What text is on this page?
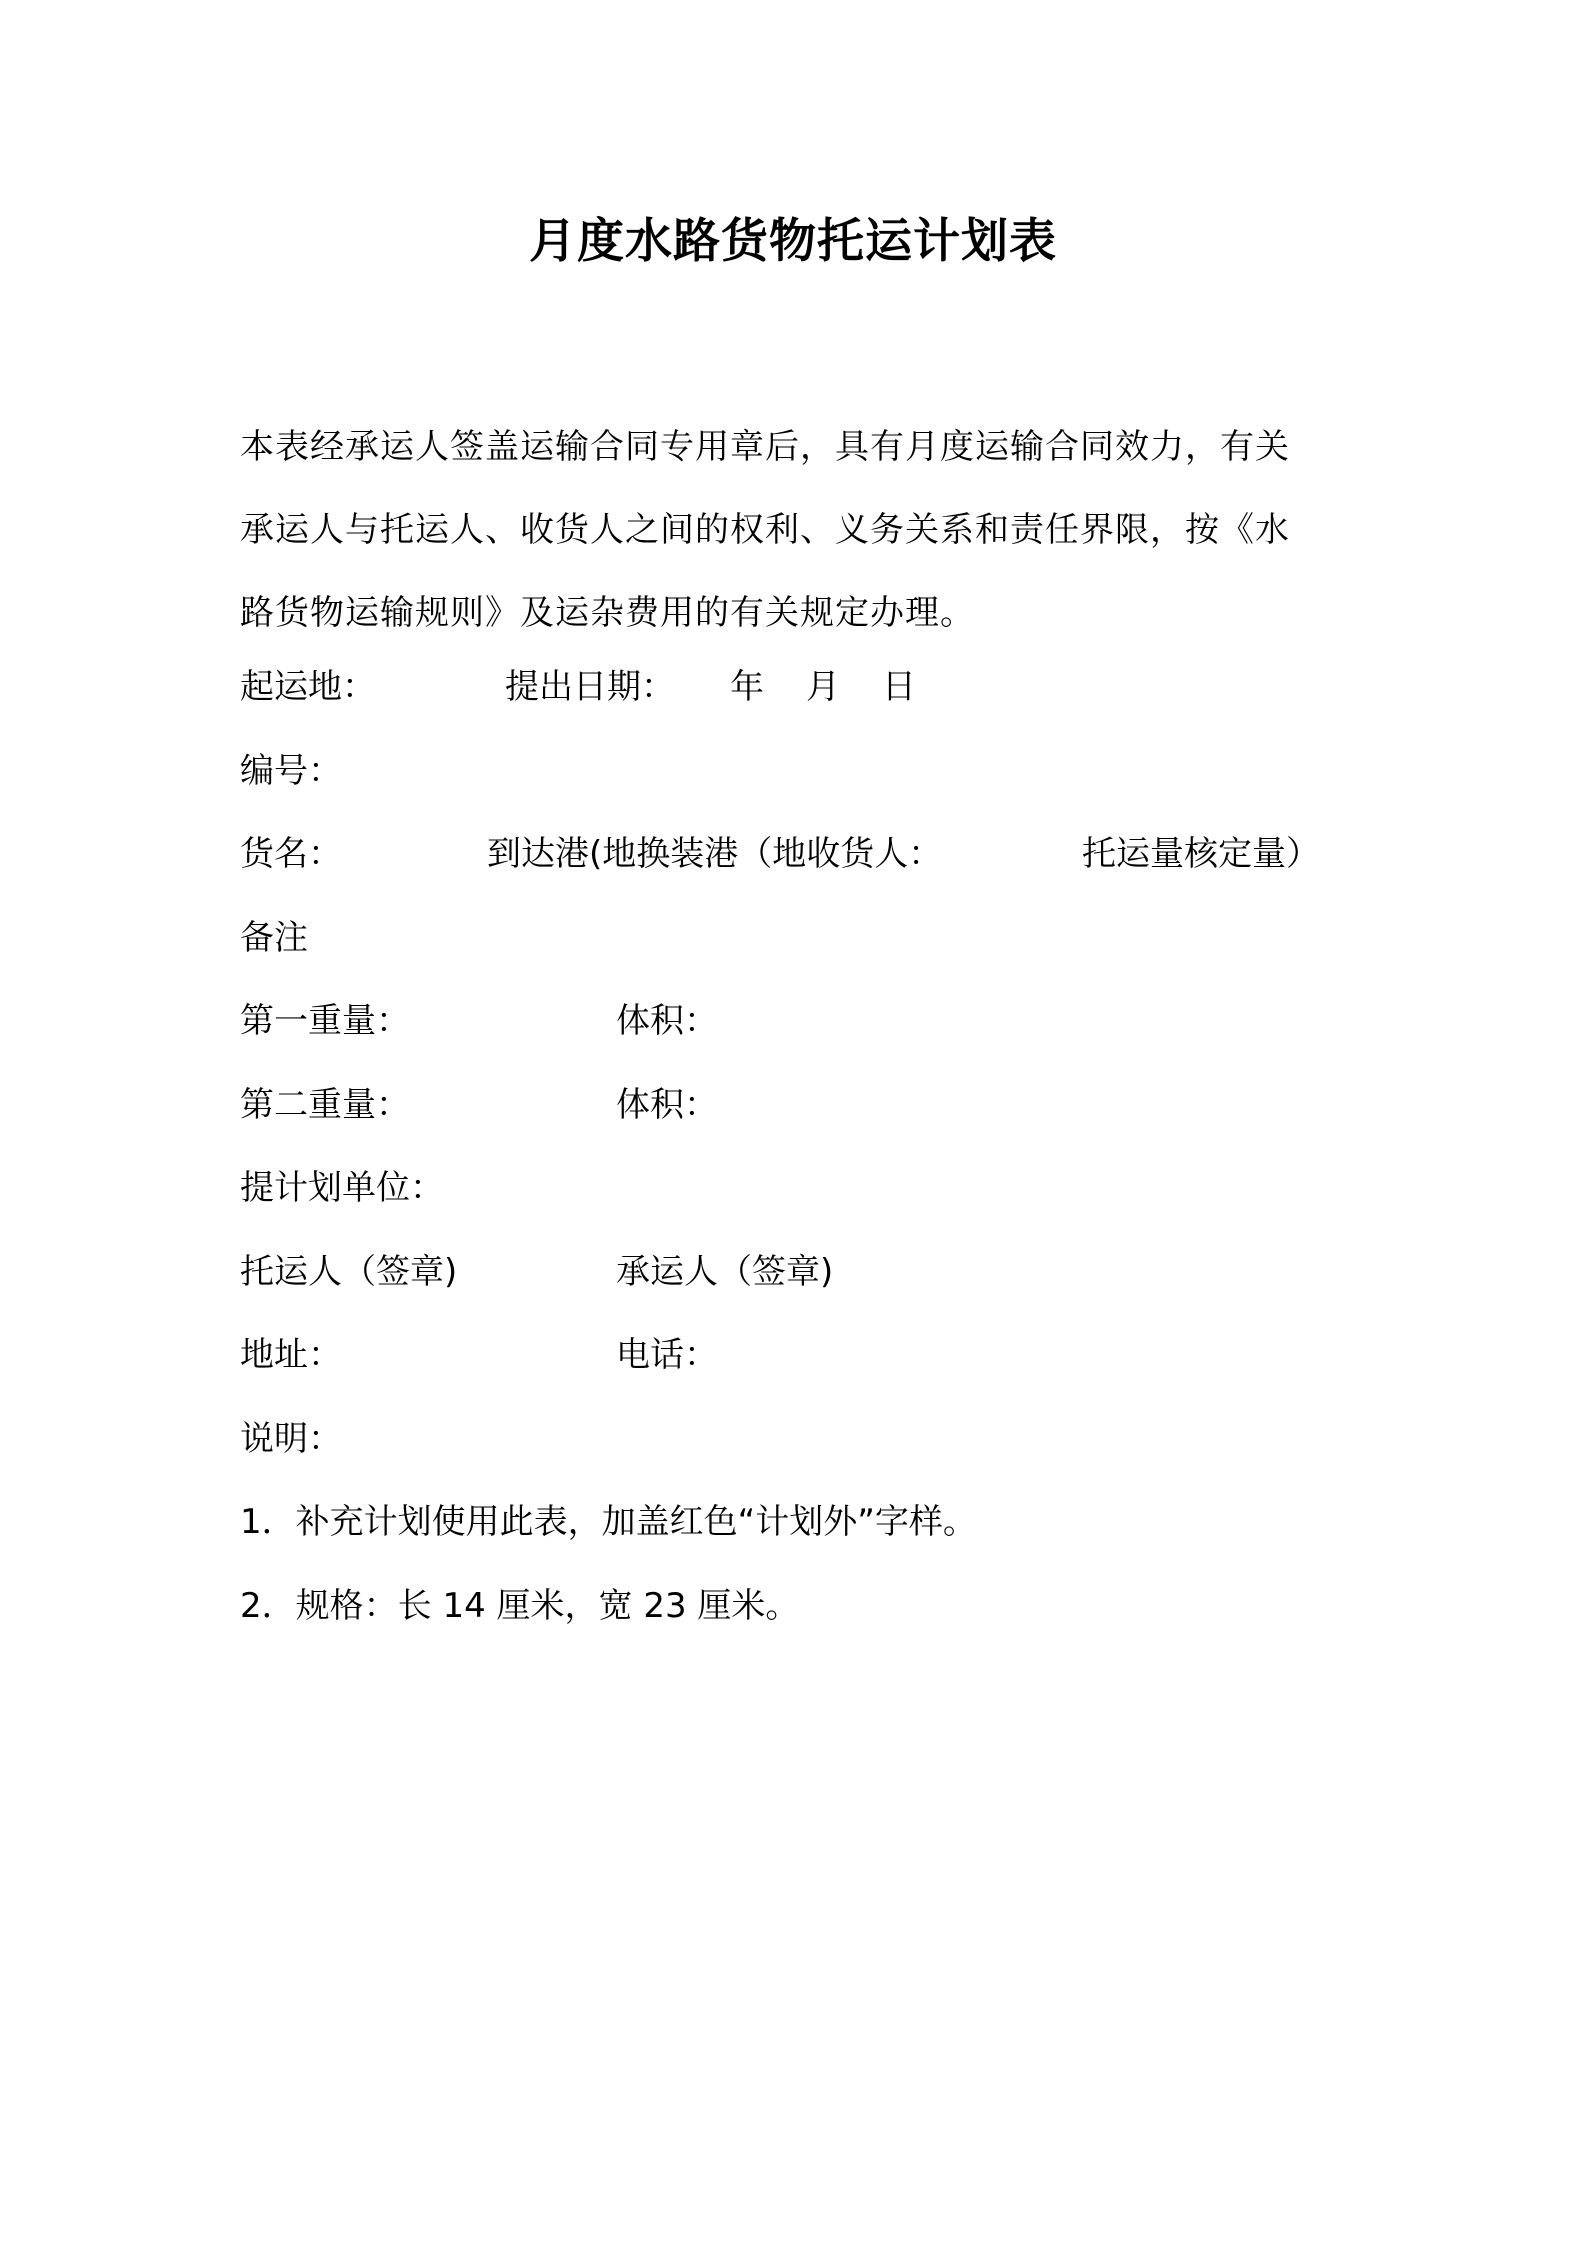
月度水路货物托运计划表
本表经承运人签盖运输合同专用章后，具有月度运输合同效力，有关
承运人与托运人、收货人之间的权利、义务关系和责任界限，按《水
路货物运输规则》及运杂费用的有关规定办理。
起运地：	提出日期： 年 月 日
编号：
货名：	到达港(地换装港（地收货人：	托运量核定量）
备注
第一重量：	体积：
第二重量：	体积：
提计划单位：
托运人（签章)	承运人（签章)
地址：	电话：
说明：
1．补充计划使用此表，加盖红色“计划外”字样。
2．规格：长 14 厘米，宽 23 厘米。
